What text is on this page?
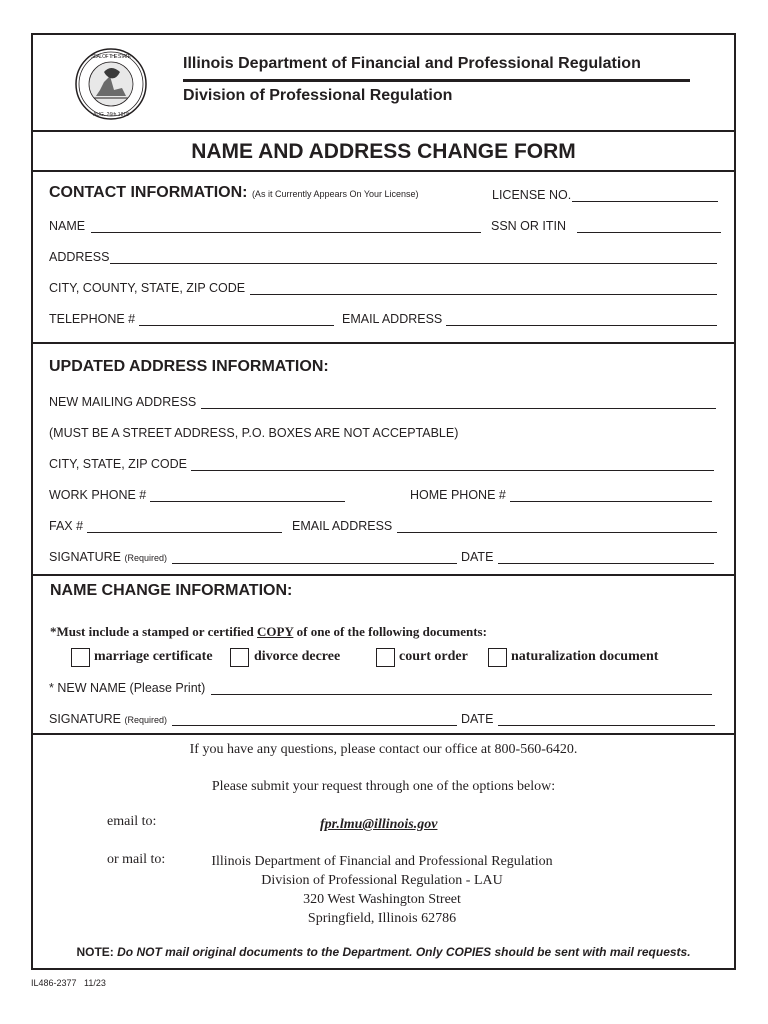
SEAL OF THE STATE
AUG. 26th 1818
Illinois Department of Financial and Professional Regulation
Division of Professional Regulation
NAME AND ADDRESS CHANGE FORM
CONTACT INFORMATION: (As it Currently Appears On Your License)	LICENSE NO.
NAME	SSN OR ITIN
ADDRESS
CITY, COUNTY, STATE, ZIP CODE
TELEPHONE #	EMAIL ADDRESS
UPDATED ADDRESS INFORMATION:
NEW MAILING ADDRESS
(MUST BE A STREET ADDRESS, P.O. BOXES ARE NOT ACCEPTABLE)
CITY, STATE, ZIP CODE
WORK PHONE #	HOME PHONE #
FAX #	EMAIL ADDRESS
SIGNATURE (Required)	DATE
NAME CHANGE INFORMATION:
*Must include a stamped or certified COPY of one of the following documents:
marriage certificate	divorce decree	court order	naturalization document
* NEW NAME (Please Print)
SIGNATURE (Required)	DATE
If you have any questions, please contact our office at 800-560-6420.
Please submit your request through one of the options below:
email to:	fpr.lmu@illinois.gov
or mail to:	Illinois Department of Financial and Professional Regulation
Division of Professional Regulation - LAU
320 West Washington Street
Springfield, Illinois 62786
NOTE: Do NOT mail original documents to the Department. Only COPIES should be sent with mail requests.
IL486-2377   11/23
